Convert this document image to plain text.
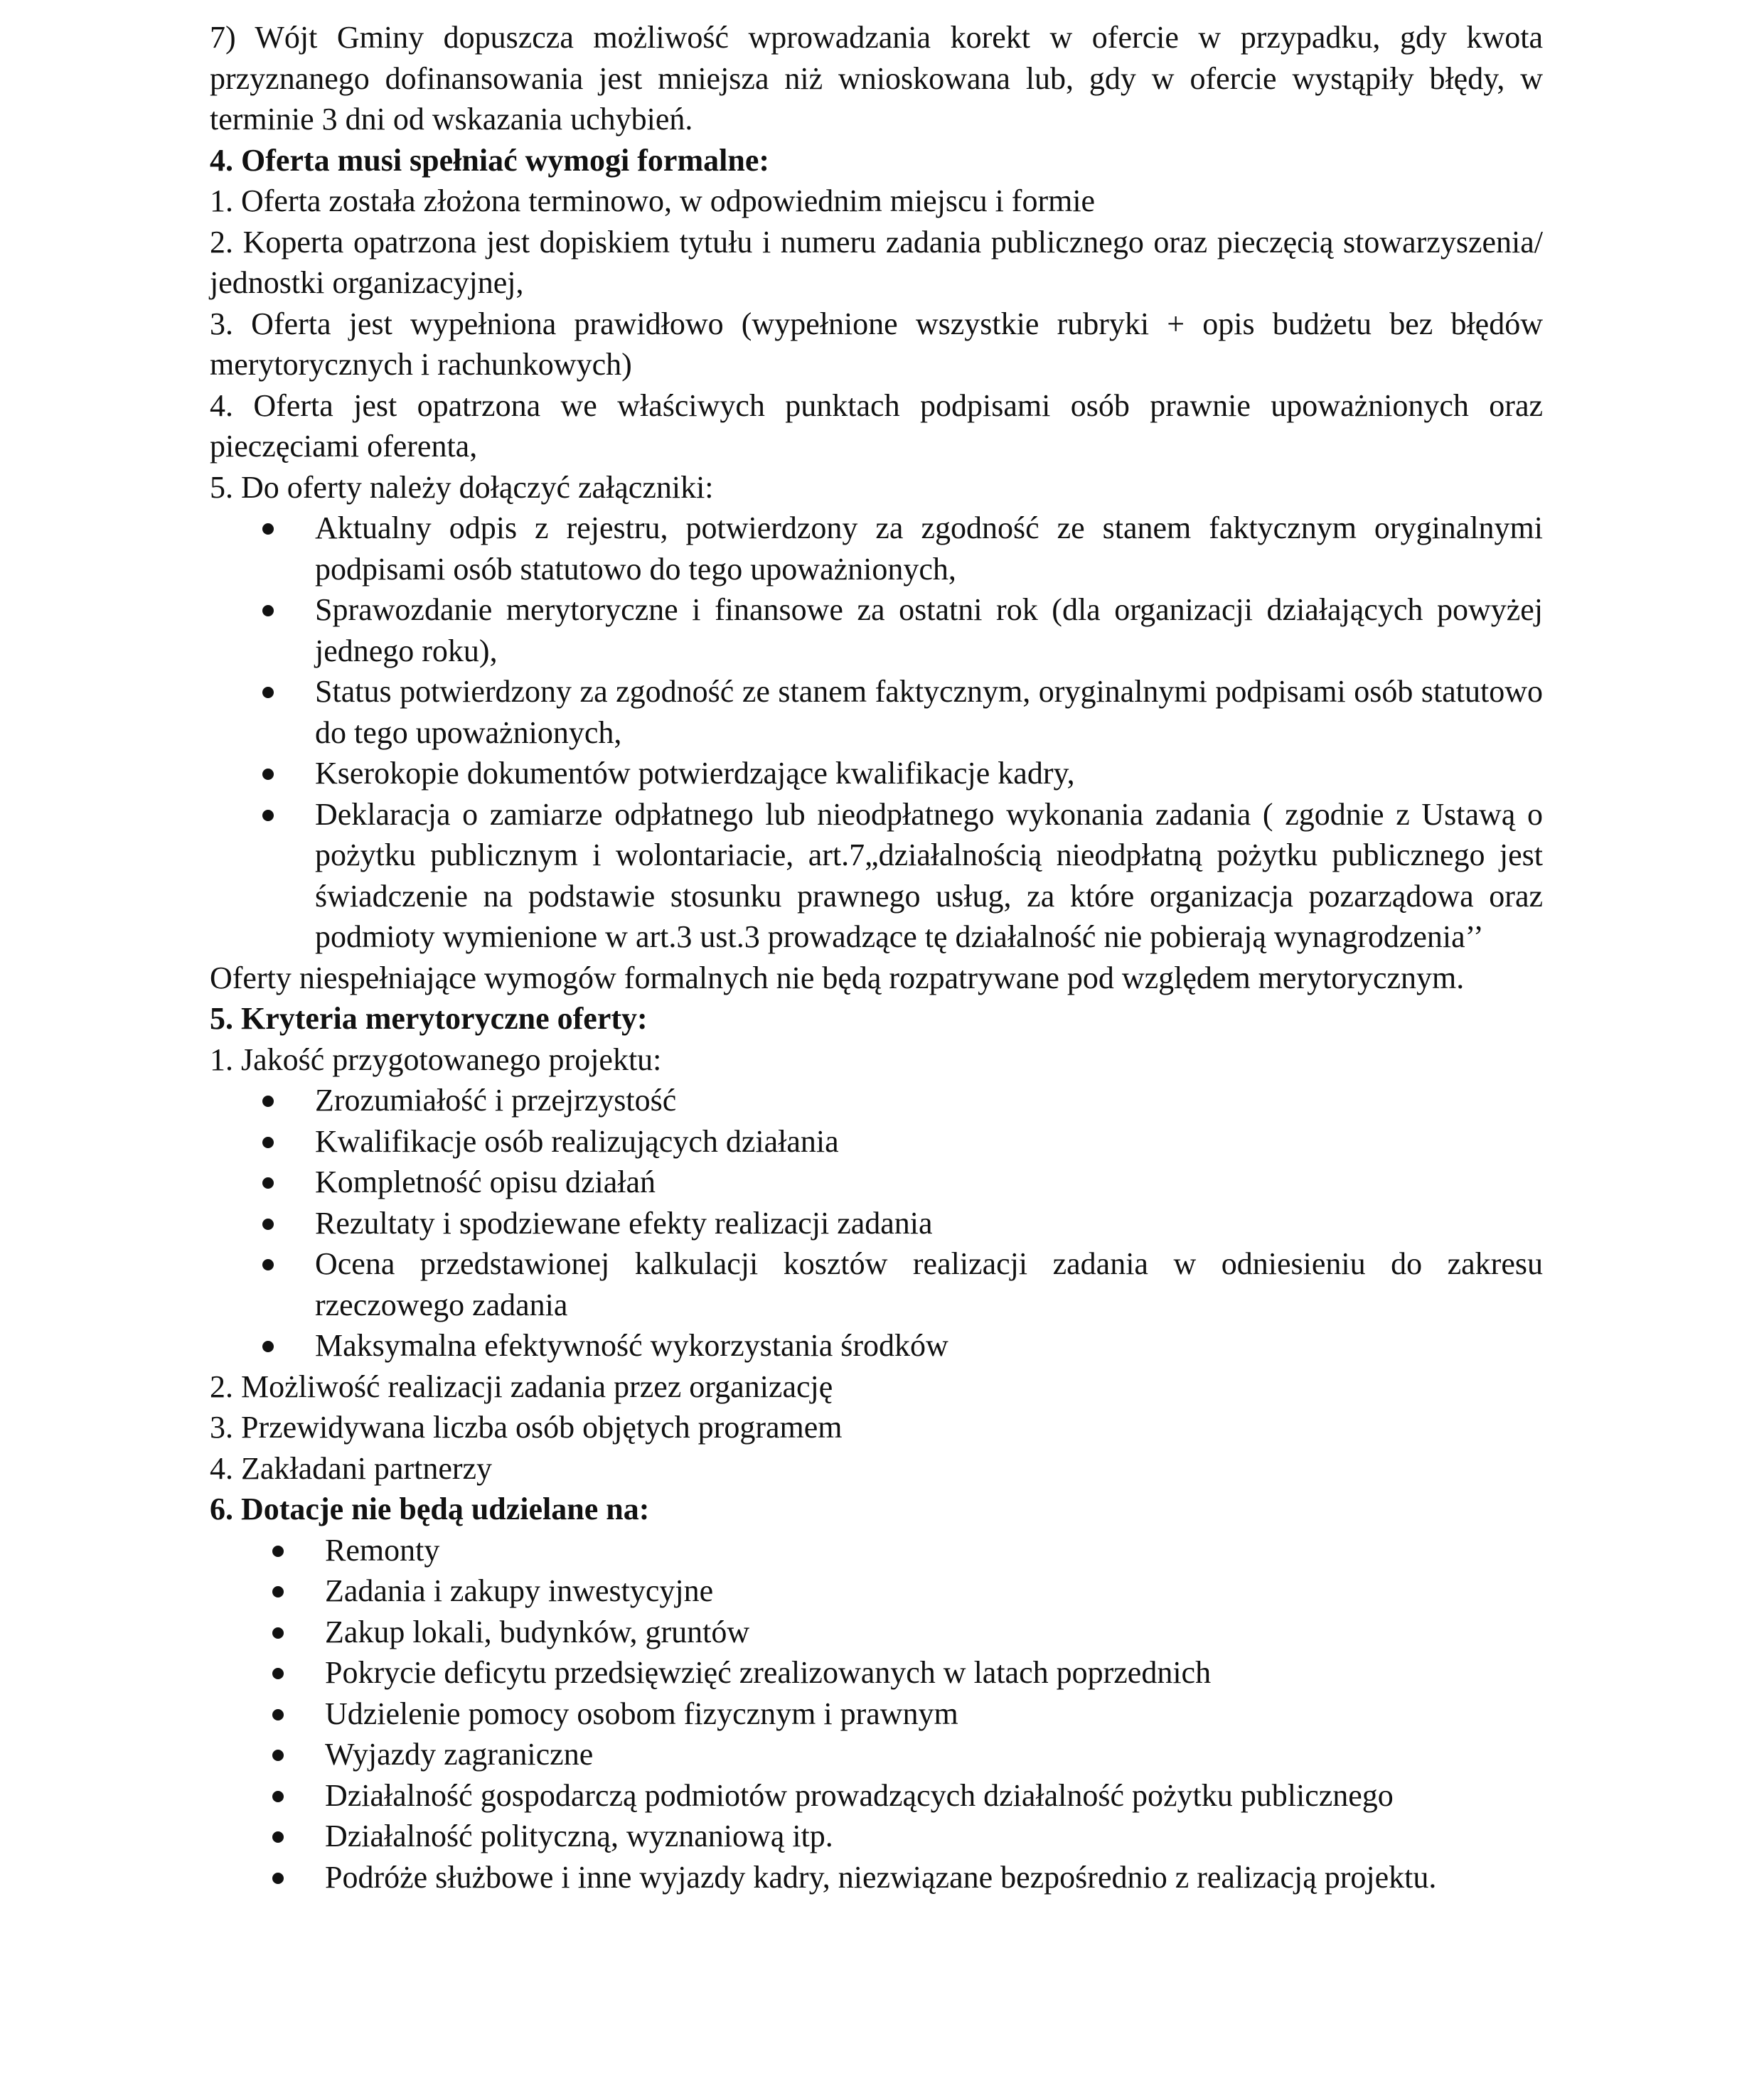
7) Wójt Gminy dopuszcza możliwość wprowadzania korekt w ofercie w przypadku, gdy kwota przyznanego dofinansowania jest mniejsza niż wnioskowana lub, gdy w ofercie wystąpiły błędy, w terminie 3 dni od wskazania uchybień.

4. Oferta musi spełniać wymogi formalne:

1. Oferta została złożona terminowo, w odpowiednim miejscu i formie

2. Koperta opatrzona jest dopiskiem tytułu i numeru zadania publicznego oraz pieczęcią stowarzyszenia/ jednostki organizacyjnej,

3. Oferta jest wypełniona prawidłowo (wypełnione wszystkie rubryki + opis budżetu bez błędów merytorycznych i rachunkowych)

4. Oferta jest opatrzona we właściwych punktach podpisami osób prawnie upoważnionych oraz pieczęciami oferenta,

5. Do oferty należy dołączyć załączniki:

Aktualny odpis z rejestru, potwierdzony za zgodność ze stanem faktycznym oryginalnymi podpisami osób statutowo do tego upoważnionych,
Sprawozdanie merytoryczne i finansowe za ostatni rok (dla organizacji działających powyżej jednego roku),
Status potwierdzony za zgodność ze stanem faktycznym, oryginalnymi podpisami osób statutowo do tego upoważnionych,
Kserokopie dokumentów potwierdzające kwalifikacje kadry,
Deklaracja o zamiarze odpłatnego lub nieodpłatnego wykonania zadania ( zgodnie z Ustawą o pożytku publicznym i wolontariacie, art.7„działalnością nieodpłatną pożytku publicznego jest świadczenie na podstawie stosunku prawnego usług, za które organizacja pozarządowa oraz podmioty wymienione w art.3 ust.3 prowadzące tę działalność nie pobierają wynagrodzenia’’

Oferty niespełniające wymogów formalnych nie będą rozpatrywane pod względem merytorycznym.

5. Kryteria merytoryczne oferty:

1. Jakość przygotowanego projektu:

Zrozumiałość i przejrzystość
Kwalifikacje osób realizujących działania
Kompletność opisu działań
Rezultaty i spodziewane efekty realizacji zadania
Ocena przedstawionej kalkulacji kosztów realizacji zadania w odniesieniu do zakresu rzeczowego zadania
Maksymalna efektywność wykorzystania środków

2. Możliwość realizacji zadania przez organizację

3. Przewidywana liczba osób objętych programem

4. Zakładani partnerzy

6. Dotacje nie będą udzielane na:

Remonty
Zadania i zakupy inwestycyjne
Zakup lokali, budynków, gruntów
Pokrycie deficytu przedsięwzięć zrealizowanych w latach poprzednich
Udzielenie pomocy osobom fizycznym i prawnym
Wyjazdy zagraniczne
Działalność gospodarczą podmiotów prowadzących działalność pożytku publicznego
Działalność polityczną, wyznaniową itp.
Podróże służbowe i inne wyjazdy kadry, niezwiązane bezpośrednio z realizacją projektu.
